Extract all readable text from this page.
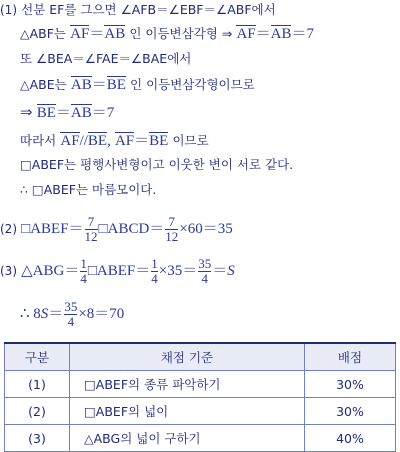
(1) 선분 EF를 그으면 ∠AFB＝∠EBF＝∠ABF에서
△ABF는 AF＝AB 인 이등변삼각형 ⇒ AF＝AB＝7
또 ∠BEA＝∠FAE＝∠BAE에서
△ABE는 AB＝BE 인 이등변삼각형이므로
⇒ BE＝AB＝7
따라서 AF//BE, AF＝BE 이므로
□ABEF는 평행사변형이고 이웃한 변이 서로 같다.
∴ □ABEF는 마름모이다.
(2) □ABEF＝ $\frac{7}{12}$ □ABCD＝ $\frac{7}{12} \times 60=35$
(3) △ABG＝ $\frac{1}{4}$ □ABEF＝ $\frac{1}{4} \times 35= \frac{35}{4} =S$
∴ $8S= \frac{35}{4} \times 8=70$
구분	채점 기준	배점
(1)	□ABEF의 종류 파악하기	30%
(2)	□ABEF의 넓이	30%
(3)	△ABG의 넓이 구하기	40%
